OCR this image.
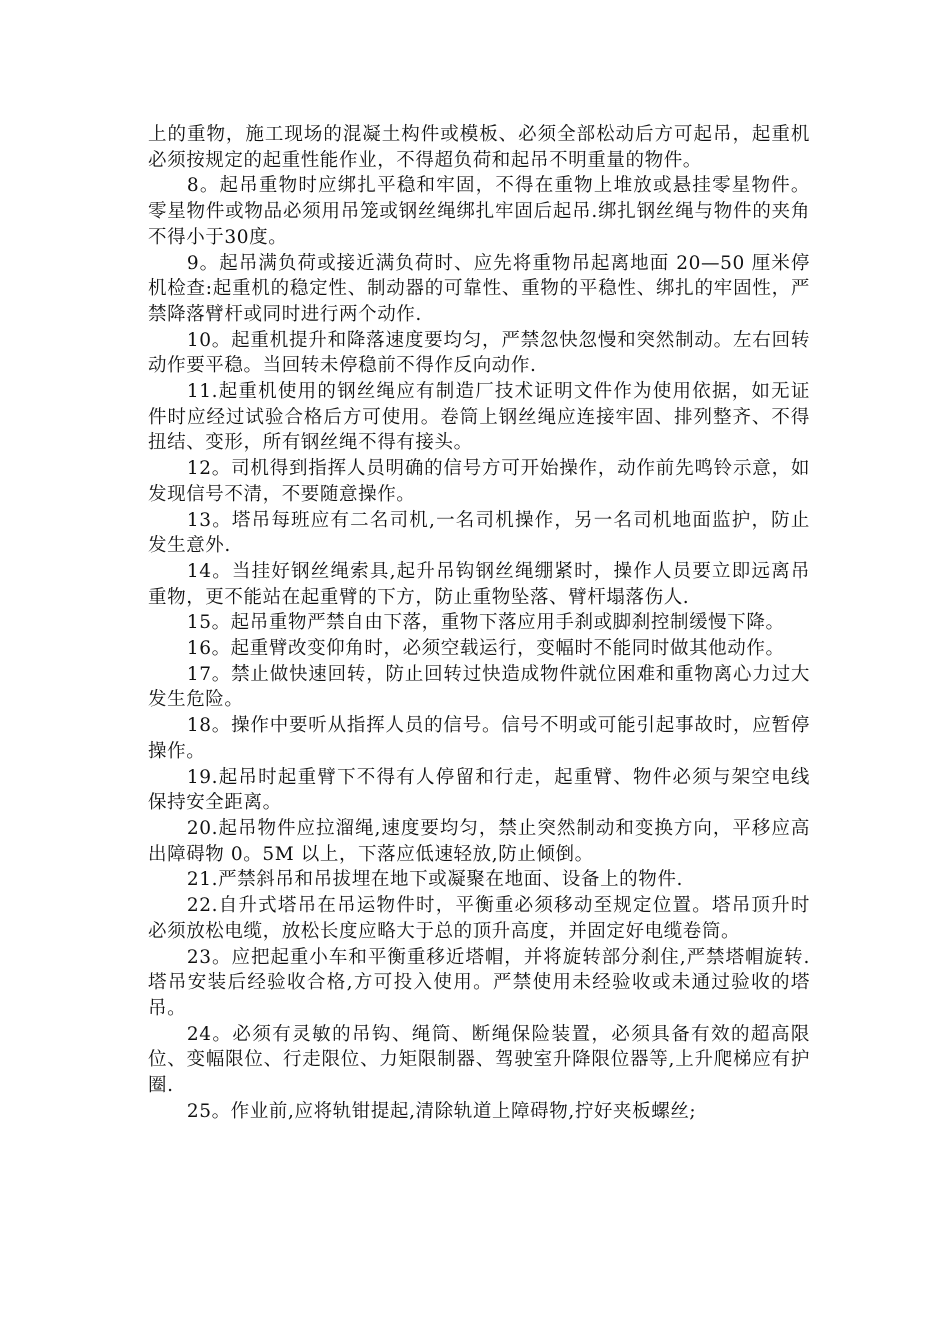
上的重物，施工现场的混凝土构件或模板、必须全部松动后方可起吊，起重机必须按规定的起重性能作业，不得超负荷和起吊不明重量的物件。

8。起吊重物时应绑扎平稳和牢固，不得在重物上堆放或悬挂零星物件。零星物件或物品必须用吊笼或钢丝绳绑扎牢固后起吊.绑扎钢丝绳与物件的夹角不得小于30度。

9。起吊满负荷或接近满负荷时、应先将重物吊起离地面 20—50 厘米停机检查:起重机的稳定性、制动器的可靠性、重物的平稳性、绑扎的牢固性，严禁降落臂杆或同时进行两个动作.

10。起重机提升和降落速度要均匀，严禁忽快忽慢和突然制动。左右回转动作要平稳。当回转未停稳前不得作反向动作.

11.起重机使用的钢丝绳应有制造厂技术证明文件作为使用依据，如无证件时应经过试验合格后方可使用。卷筒上钢丝绳应连接牢固、排列整齐、不得扭结、变形，所有钢丝绳不得有接头。

12。司机得到指挥人员明确的信号方可开始操作，动作前先鸣铃示意，如发现信号不清，不要随意操作。

13。塔吊每班应有二名司机,一名司机操作，另一名司机地面监护，防止发生意外.

14。当挂好钢丝绳索具,起升吊钩钢丝绳绷紧时，操作人员要立即远离吊重物，更不能站在起重臂的下方，防止重物坠落、臂杆塌落伤人.

15。起吊重物严禁自由下落，重物下落应用手刹或脚刹控制缓慢下降。

16。起重臂改变仰角时，必须空载运行，变幅时不能同时做其他动作。

17。禁止做快速回转，防止回转过快造成物件就位困难和重物离心力过大发生危险。

18。操作中要听从指挥人员的信号。信号不明或可能引起事故时，应暂停操作。

19.起吊时起重臂下不得有人停留和行走，起重臂、物件必须与架空电线保持安全距离。

20.起吊物件应拉溜绳,速度要均匀，禁止突然制动和变换方向，平移应高出障碍物 0。5M 以上，下落应低速轻放,防止倾倒。

21.严禁斜吊和吊拔埋在地下或凝聚在地面、设备上的物件.

22.自升式塔吊在吊运物件时，平衡重必须移动至规定位置。塔吊顶升时必须放松电缆，放松长度应略大于总的顶升高度，并固定好电缆卷筒。

23。应把起重小车和平衡重移近塔帽，并将旋转部分刹住,严禁塔帽旋转.塔吊安装后经验收合格,方可投入使用。严禁使用未经验收或未通过验收的塔吊。

24。必须有灵敏的吊钩、绳筒、断绳保险装置，必须具备有效的超高限位、变幅限位、行走限位、力矩限制器、驾驶室升降限位器等,上升爬梯应有护圈.

25。作业前,应将轨钳提起,清除轨道上障碍物,拧好夹板螺丝;
